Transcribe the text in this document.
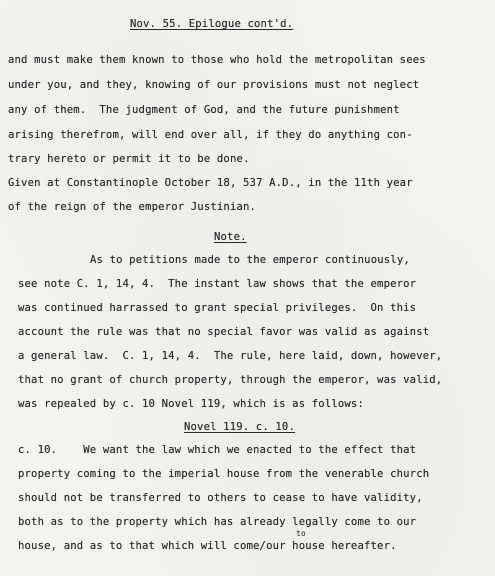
Nov. 55. Epilogue cont'd.
and must make them known to those who hold the metropolitan sees
under you, and they, knowing of our provisions must not neglect
any of them.  The judgment of God, and the future punishment
arising therefrom, will end over all, if they do anything con-
trary hereto or permit it to be done.
Given at Constantinople October 18, 537 A.D., in the 11th year
of the reign of the emperor Justinian.
Note.
As to petitions made to the emperor continuously,
see note C. 1, 14, 4.  The instant law shows that the emperor
was continued harrassed to grant special privileges.  On this
account the rule was that no special favor was valid as against
a general law.  C. 1, 14, 4.  The rule, here laid, down, however,
that no grant of church property, through the emperor, was valid,
was repealed by c. 10 Novel 119, which is as follows:
Novel 119. c. 10.
c. 10.    We want the law which we enacted to the effect that
property coming to the imperial house from the venerable church
should not be transferred to others to cease to have validity,
both as to the property which has already legally come to our
to
house, and as to that which will come/our house hereafter.
